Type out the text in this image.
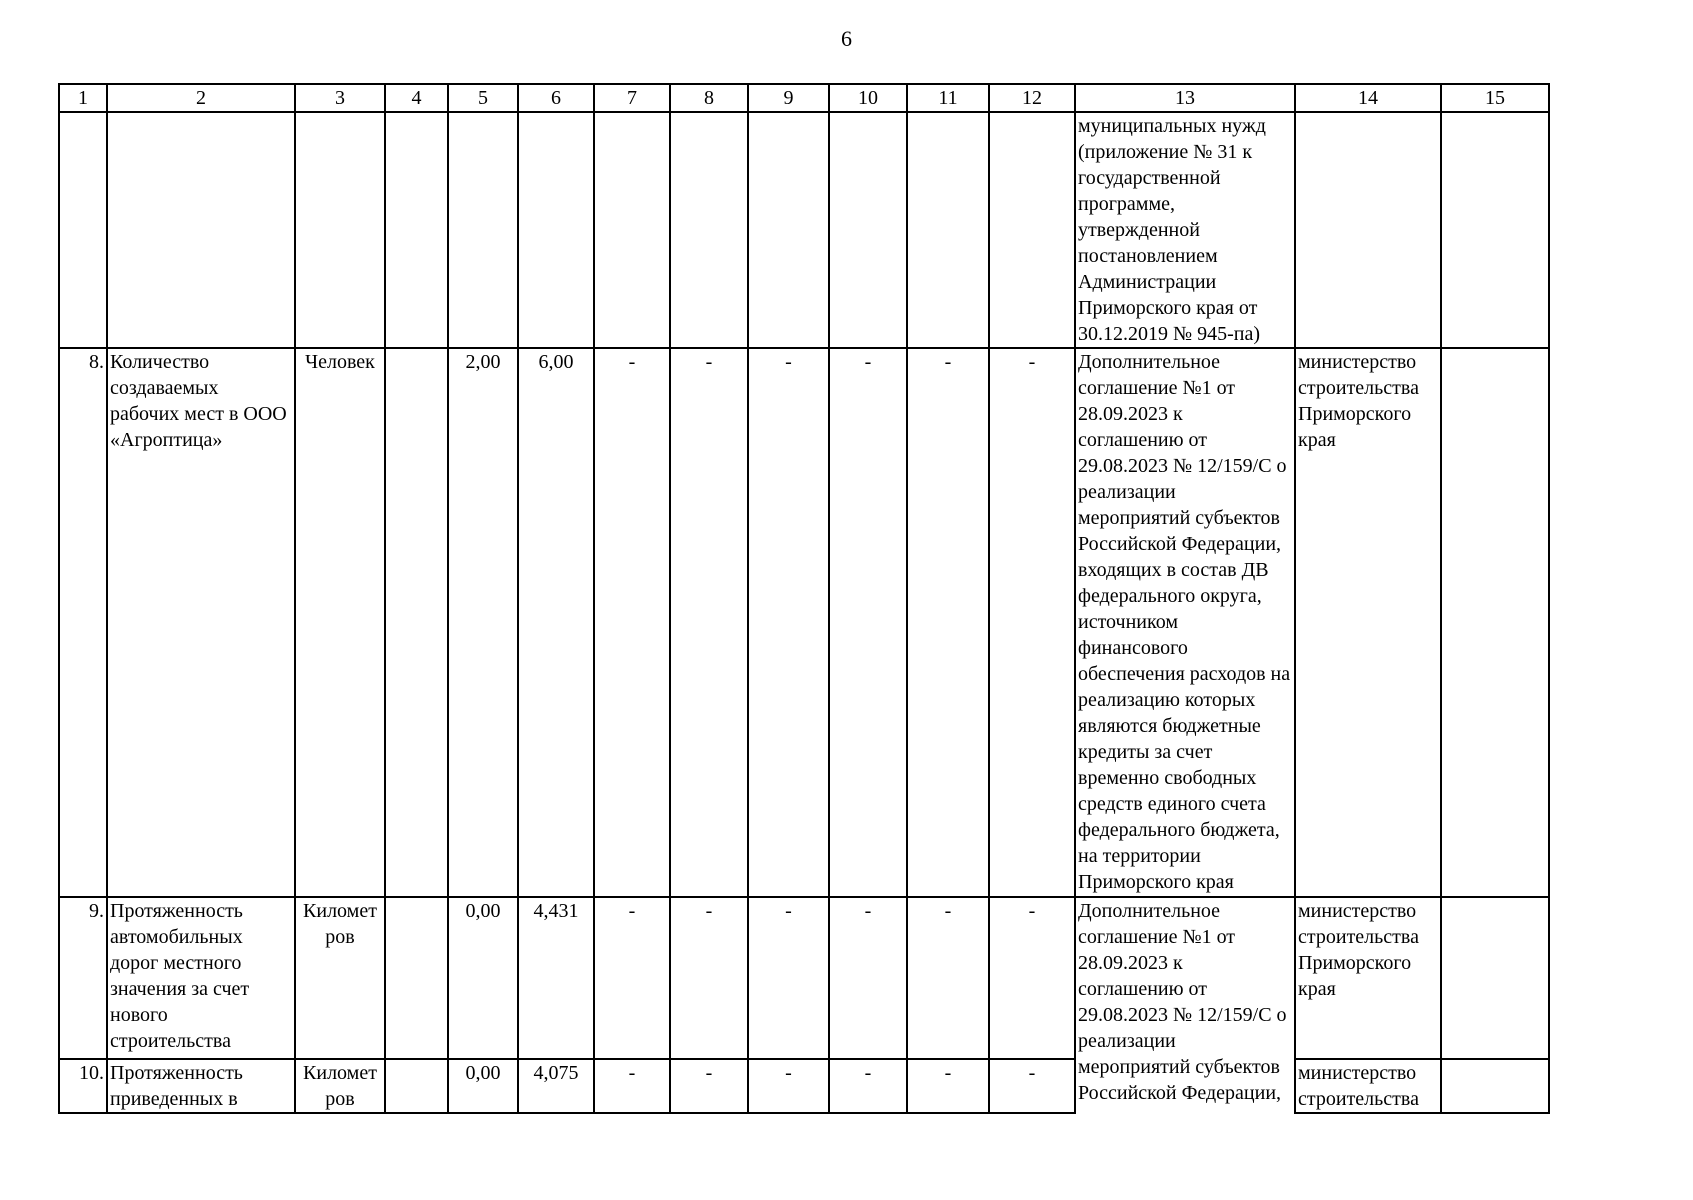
6
1	2	3	4	5	6	7	8	9	10	11	12	13	14	15
												муниципальных нужд (приложение № 31 к государственной программе, утвержденной постановлением Администрации Приморского края от 30.12.2019 № 945-па)		
8.	Количество создаваемых рабочих мест в ООО «Агроптица»	Человек		2,00	6,00	-	-	-	-	-	-	Дополнительное соглашение №1 от 28.09.2023 к соглашению от 29.08.2023 № 12/159/С о реализации мероприятий субъектов Российской Федерации, входящих в состав ДВ федерального округа, источником финансового обеспечения расходов на реализацию которых являются бюджетные кредиты за счет временно свободных средств единого счета федерального бюджета, на территории Приморского края	министерство строительства Приморского края	
9.	Протяженность автомобильных дорог местного значения за счет нового строительства	Километ ров		0,00	4,431	-	-	-	-	-	-	Дополнительное соглашение №1 от 28.09.2023 к соглашению от 29.08.2023 № 12/159/С о реализации мероприятий субъектов Российской Федерации,	министерство строительства Приморского края	
10.	Протяженность приведенных в	Километ ров		0,00	4,075	-	-	-	-	-	-		министерство строительства	
